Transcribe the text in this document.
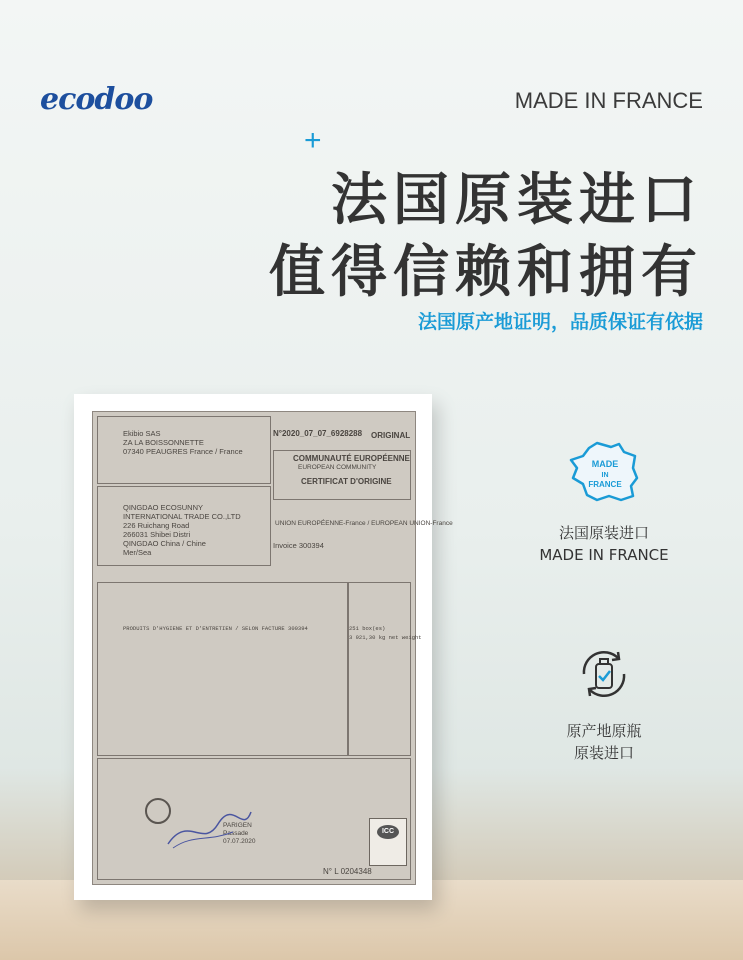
ecodoo	MADE IN FRANCE
+
法国原装进口
值得信赖和拥有
法国原产地证明，品质保证有依据
Ekibio SAS
ZA LA BOISSONNETTE
07340 PEAUGRES France / France
N°2020_07_07_6928288 ORIGINAL
QINGDAO ECOSUNNY
INTERNATIONAL TRADE CO.,LTD
226 Ruichang Road
266031 Shibei Distri
QINGDAO China / Chine
COMMUNAUTÉ EUROPÉENNE
EUROPEAN COMMUNITY
CERTIFICAT D'ORIGINE
UNION EUROPÉENNE-France / EUROPEAN UNION-France
Mer/Sea
Invoice 300394
PRODUITS D'HYGIENE ET D'ENTRETIEN / SELON FACTURE 300394	251 box(es)
3 921,30 kg net weight
PARIGEN
Passade
07.07.2020
ICC
N° L 0204348
MADE
IN
FRANCE
法国原装进口
MADE IN FRANCE
原产地原瓶
原装进口
